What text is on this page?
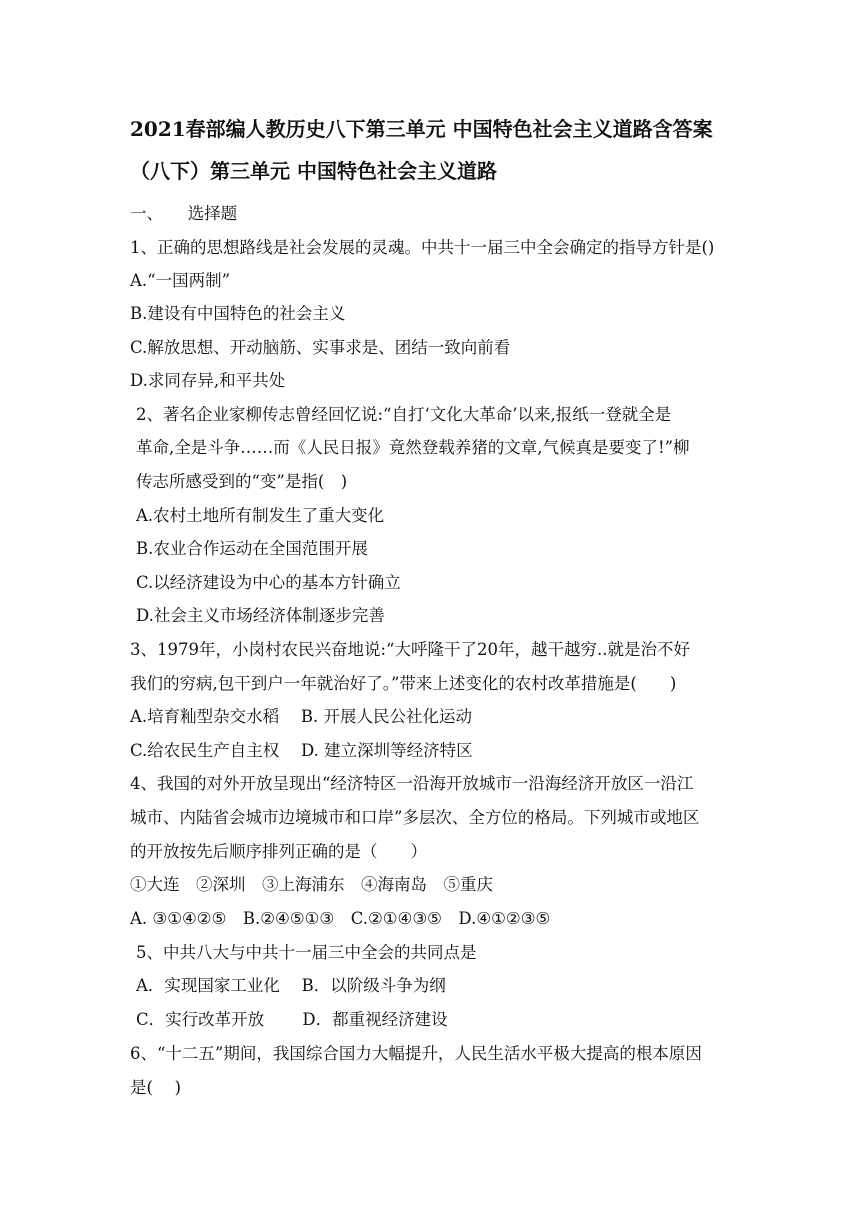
2021春部编人教历史八下第三单元 中国特色社会主义道路含答案
（八下）第三单元 中国特色社会主义道路
一、　　选择题
1、正确的思想路线是社会发展的灵魂。中共十一届三中全会确定的指导方针是()
A.“一国两制”
B.建设有中国特色的社会主义
C.解放思想、开动脑筋、实事求是、团结一致向前看
D.求同存异,和平共处
2、著名企业家柳传志曾经回忆说:“自打‘文化大革命’以来,报纸一登就全是
革命,全是斗争……而《人民日报》竟然登载养猪的文章,气候真是要变了!”柳
传志所感受到的“变”是指(　)
A.农村土地所有制发生了重大变化
B.农业合作运动在全国范围开展
C.以经济建设为中心的基本方针确立
D.社会主义市场经济体制逐步完善
3、1979年，小岗村农民兴奋地说:“大呼隆干了20年，越干越穷..就是治不好
我们的穷病,包干到户一年就治好了。”带来上述变化的农村改革措施是(　　)
A.培育籼型杂交水稻　 B. 开展人民公社化运动
C.给农民生产自主权　 D. 建立深圳等经济特区
4、我国的对外开放呈现出“经济特区一沿海开放城市一沿海经济开放区一沿江
城市、内陆省会城市边境城市和口岸”多层次、全方位的格局。下列城市或地区
的开放按先后顺序排列正确的是（　　）
①大连　②深圳　③上海浦东　④海南岛　⑤重庆
A. ③①④②⑤　B.②④⑤①③　C.②①④③⑤　D.④①②③⑤
5、中共八大与中共十一届三中全会的共同点是
A．实现国家工业化　 B．以阶级斗争为纲
C．实行改革开放　　 D．都重视经济建设
6、“十二五”期间，我国综合国力大幅提升，人民生活水平极大提高的根本原因
是(　 )
